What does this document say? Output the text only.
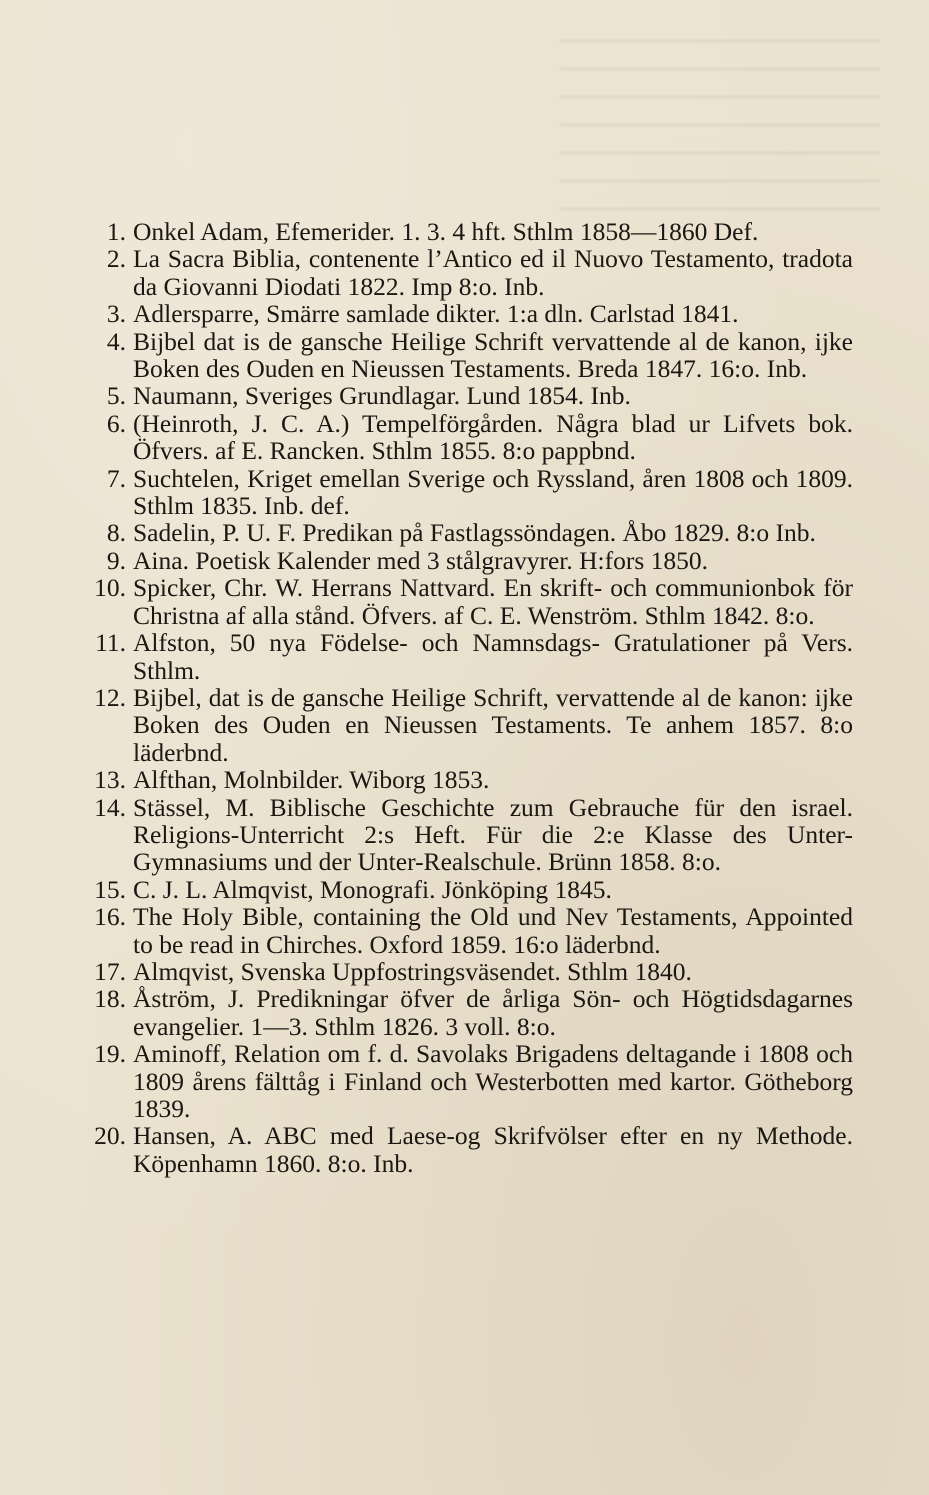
1. Onkel Adam, Efemerider. 1. 3. 4 hft. Sthlm 1858—1860 Def.
2. La Sacra Biblia, contenente l’Antico ed il Nuovo Testamento, tradota da Giovanni Diodati 1822. Imp 8:o. Inb.
3. Adlersparre, Smärre samlade dikter. 1:a dln. Carlstad 1841.
4. Bijbel dat is de gansche Heilige Schrift vervattende al de kanon, ijke Boken des Ouden en Nieussen Testaments. Breda 1847. 16:o. Inb.
5. Naumann, Sveriges Grundlagar. Lund 1854. Inb.
6. (Heinroth, J. C. A.) Tempelförgården. Några blad ur Lifvets bok. Öfvers. af E. Rancken. Sthlm 1855. 8:o pappbnd.
7. Suchtelen, Kriget emellan Sverige och Ryssland, åren 1808 och 1809. Sthlm 1835. Inb. def.
8. Sadelin, P. U. F. Predikan på Fastlagssöndagen. Åbo 1829. 8:o Inb.
9. Aina. Poetisk Kalender med 3 stålgravyrer. H:fors 1850.
10. Spicker, Chr. W. Herrans Nattvard. En skrift- och communionbok för Christna af alla stånd. Öfvers. af C. E. Wenström. Sthlm 1842. 8:o.
11. Alfston, 50 nya Födelse- och Namnsdags- Gratulationer på Vers. Sthlm.
12. Bijbel, dat is de gansche Heilige Schrift, vervattende al de kanon: ijke Boken des Ouden en Nieussen Testaments. Te anhem 1857. 8:o läderbnd.
13. Alfthan, Molnbilder. Wiborg 1853.
14. Stässel, M. Biblische Geschichte zum Gebrauche für den israel. Religions-Unterricht 2:s Heft. Für die 2:e Klasse des Unter-Gymnasiums und der Unter-Realschule. Brünn 1858. 8:o.
15. C. J. L. Almqvist, Monografi. Jönköping 1845.
16. The Holy Bible, containing the Old und Nev Testaments, Appointed to be read in Chirches. Oxford 1859. 16:o läderbnd.
17. Almqvist, Svenska Uppfostringsväsendet. Sthlm 1840.
18. Åström, J. Predikningar öfver de årliga Sön- och Högtidsdagarnes evangelier. 1—3. Sthlm 1826. 3 voll. 8:o.
19. Aminoff, Relation om f. d. Savolaks Brigadens deltagande i 1808 och 1809 årens fälttåg i Finland och Westerbotten med kartor. Götheborg 1839.
20. Hansen, A. ABC med Laese-og Skrifvölser efter en ny Methode. Köpenhamn 1860. 8:o. Inb.
